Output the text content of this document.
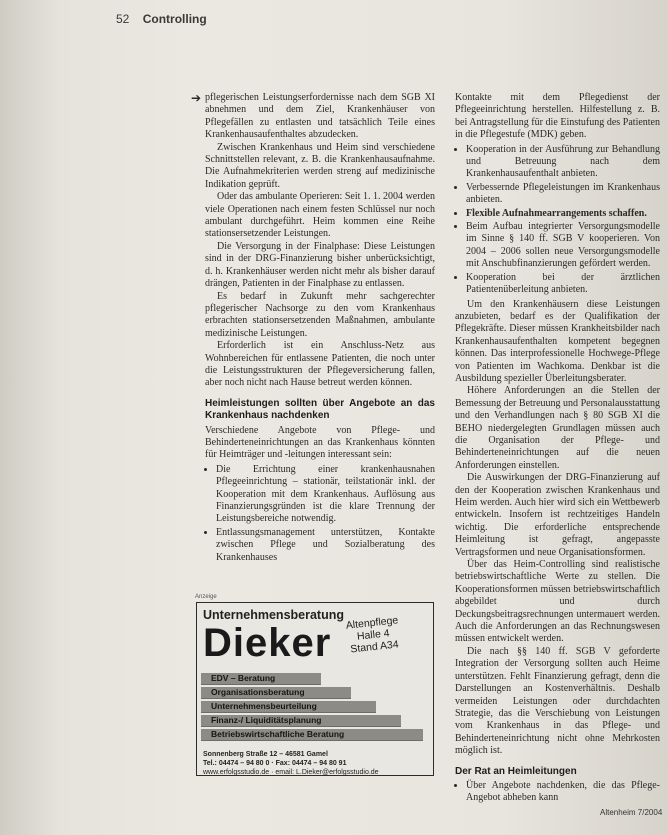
52 Controlling
➔ pflegerischen Leistungserfordernisse nach dem SGB XI abnehmen und dem Ziel, Krankenhäuser von Pflegefällen zu entlasten und tatsächlich Teile eines Krankenhausaufenthaltes abzudecken.

Zwischen Krankenhaus und Heim sind verschiedene Schnittstellen relevant, z. B. die Krankenhausaufnahme. Die Aufnahmekriterien werden streng auf medizinische Indikation geprüft.

Oder das ambulante Operieren: Seit 1. 1. 2004 werden viele Operationen nach einem festen Schlüssel nur noch ambulant durchgeführt. Heim kommen eine Reihe stationsersetzender Leistungen.

Die Versorgung in der Finalphase: Diese Leistungen sind in der DRG-Finanzierung bisher unberücksichtigt, d. h. Krankenhäuser werden nicht mehr als bisher darauf drängen, Patienten in der Finalphase zu entlassen.

Es bedarf in Zukunft mehr sachgerechter pflegerischer Nachsorge zu den vom Krankenhaus erbrachten stationsersetzenden Maßnahmen, ambulante medizinische Leistungen.

Erforderlich ist ein Anschluss-Netz aus Wohnbereichen für entlassene Patienten, die noch unter die Leistungsstrukturen der Pflegeversicherung fallen, aber noch nicht nach Hause betreut werden können.

Heimleistungen sollten über Angebote an das Krankenhaus nachdenken

Verschiedene Angebote von Pflege- und Behinderteneinrichtungen an das Krankenhaus könnten für Heimträger und -leitungen interessant sein:

• Die Errichtung einer krankenhausnahen Pflegeeinrichtung – stationär, teilstationär inkl. der Kooperation mit dem Krankenhaus. Auflösung aus Finanzierungsgründen ist die klare Trennung der Leistungsbereiche notwendig.
• Entlassungsmanagement unterstützen, Kontakte zwischen Pflege und Sozialberatung des Krankenhauses

Kontakte mit dem Pflegedienst der Pflegeeinrichtung herstellen. Hilfestellung z. B. bei Antragstellung für die Einstufung des Patienten in die Pflegestufe (MDK) geben.

• Kooperation in der Ausführung zur Behandlung und Betreuung nach dem Krankenhausaufenthalt anbieten.
• Verbessernde Pflegeleistungen im Krankenhaus anbieten.
• Flexible Aufnahmearrangements schaffen.
• Beim Aufbau integrierter Versorgungsmodelle im Sinne § 140 ff. SGB V kooperieren. Von 2004 – 2006 sollen neue Versorgungsmodelle mit Anschubfinanzierungen gefördert werden.
• Kooperation bei der ärztlichen Patientenüberleitung anbieten.

Um den Krankenhäusern diese Leistungen anzubieten, bedarf es der Qualifikation der Pflegekräfte. Dieser müssen Krankheitsbilder nach Krankenhausaufenthalten kompetent begegnen können. Das interprofessionelle Hochwege-Pflege von Patienten im Wachkoma. Denkbar ist die Ausbildung spezieller Überleitungsberater.

Höhere Anforderungen an die Stellen der Bemessung der Betreuung und Personalausstattung und den Verhandlungen nach § 80 SGB XI die BEHO niedergelegten Grundlagen müssen auch die Organisation der Pflege- und Behinderteneinrichtungen auf die neuen Anforderungen einstellen.

Die Auswirkungen der DRG-Finanzierung auf den der Kooperation zwischen Krankenhaus und Heim werden. Auch hier wird sich ein Wettbewerb entwickeln. Insofern ist rechtzeitiges Handeln wichtig. Die erforderliche entsprechende Heimleitung ist gefragt, angepasste Vertragsformen und neue Organisationsformen.

Über das Heim-Controlling sind realistische betriebswirtschaftliche Werte zu stellen. Die Kooperationsformen müssen betriebswirtschaftlich abgebildet und durch Deckungsbeitragsrechnungen untermauert werden. Auch die Anforderungen an das Rechnungswesen müssen entwickelt werden.

Die nach §§ 140 ff. SGB V geforderte Integration der Versorgung sollten auch Heime unterstützen. Fehlt Finanzierung gefragt, denn die Darstellungen an Kostenverhältnis. Deshalb vermeiden Leistungen oder durchdachten Strategie, das die Verschiebung von Leistungen vom Krankenhaus in das Pflege- und Behinderteneinrichtung nicht ohne Mehrkosten möglich ist.

Der Rat an Heimleitungen
• Über Angebote nachdenken, die das Pflege-Angebot abheben kann
Anzeige
Unternehmensberatung
Dieker Altenpflege
Halle 4
Stand A34
EDV – Beratung
Organisationsberatung
Unternehmensbeurteilung
Finanz-/ Liquiditätsplanung
Betriebswirtschaftliche Beratung
Sonnenberg Straße 12 – 46581 Gamel
Tel.: 04474 – 94 80 0 · Fax: 04474 – 94 80 91
www.erfolgsstudio.de · email: L.Dieker@erfolgsstudio.de
Altenheim 7/2004
